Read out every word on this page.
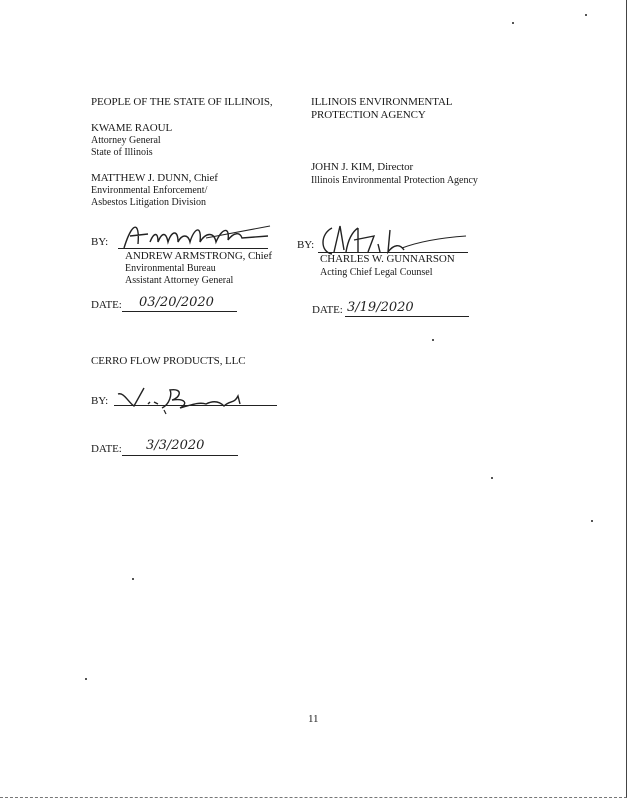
PEOPLE OF THE STATE OF ILLINOIS,
KWAME RAOUL
Attorney General
State of Illinois
MATTHEW J. DUNN, Chief
Environmental Enforcement/
Asbestos Litigation Division
BY:
ANDREW ARMSTRONG, Chief
Environmental Bureau
Assistant Attorney General
DATE: 03/20/2020
ILLINOIS ENVIRONMENTAL
PROTECTION AGENCY
JOHN J. KIM, Director
Illinois Environmental Protection Agency
BY:
CHARLES W. GUNNARSON
Acting Chief Legal Counsel
DATE: 3/19/2020
CERRO FLOW PRODUCTS, LLC
BY:
DATE: 3/3/2020
11
